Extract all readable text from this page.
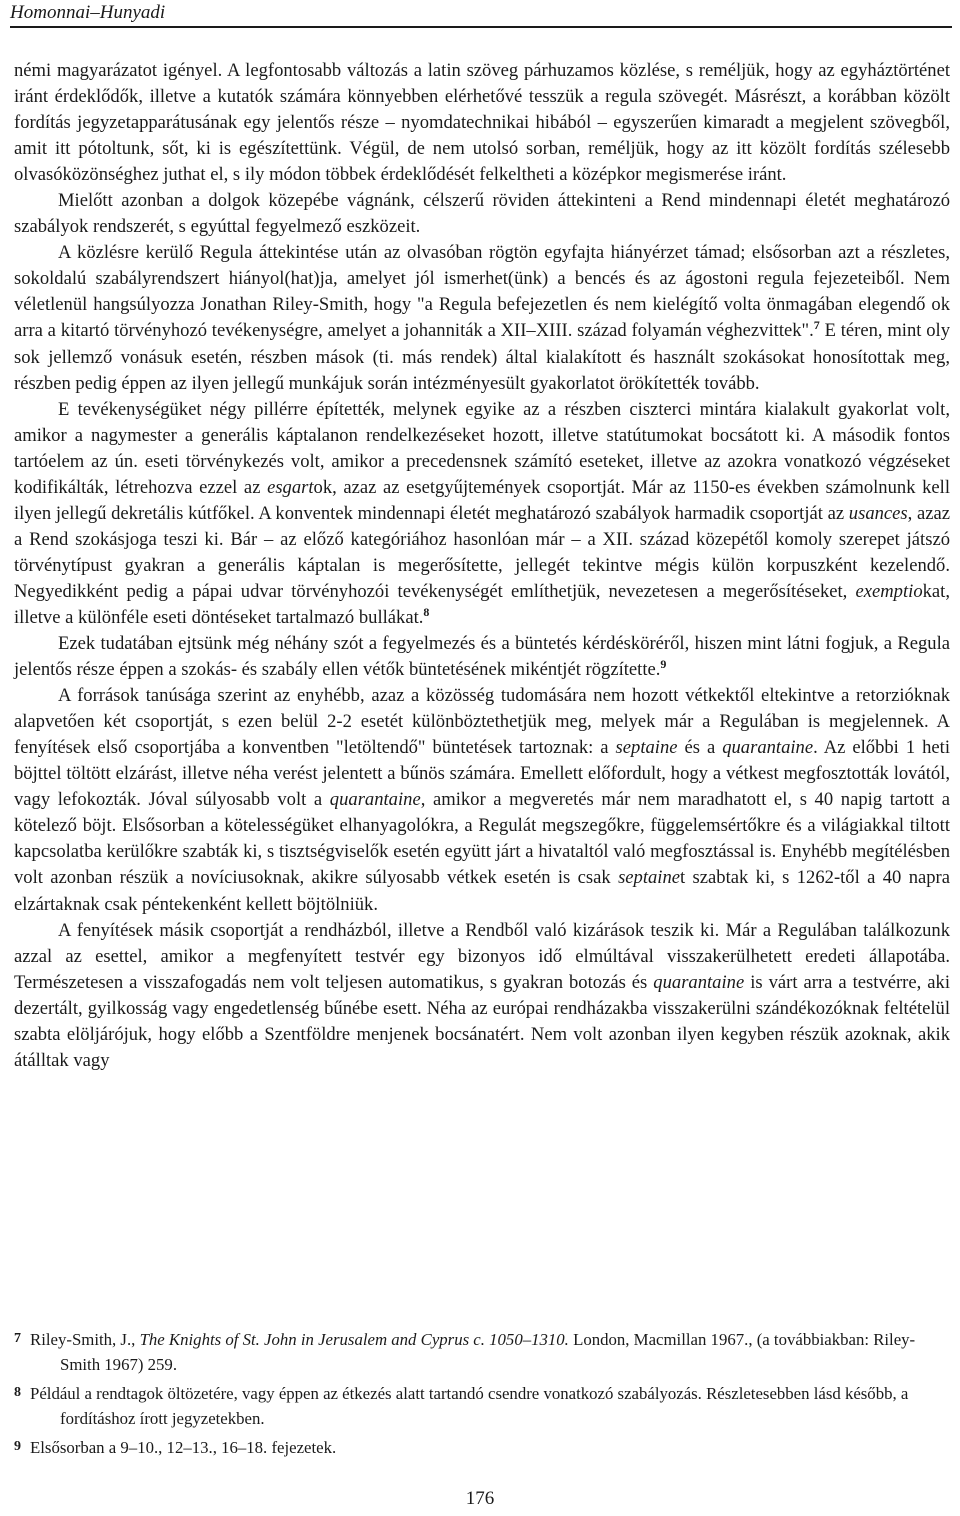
Homonnai–Hunyadi

némi magyarázatot igényel. A legfontosabb változás a latin szöveg párhuzamos közlése, s reméljük, hogy az egyháztörténet iránt érdeklődők, illetve a kutatók számára könnyebben elérhetővé tesszük a regula szövegét. Másrészt, a korábban közölt fordítás jegyzetapparátusának egy jelentős része – nyomdatechnikai hibából – egyszerűen kimaradt a megjelent szövegből, amit itt pótoltunk, sőt, ki is egészítettünk. Végül, de nem utolsó sorban, reméljük, hogy az itt közölt fordítás szélesebb olvasóközönséghez juthat el, s ily módon többek érdeklődését felkeltheti a középkor megismerése iránt.

Mielőtt azonban a dolgok közepébe vágnánk, célszerű röviden áttekinteni a Rend mindennapi életét meghatározó szabályok rendszerét, s egyúttal fegyelmező eszközeit.

A közlésre kerülő Regula áttekintése után az olvasóban rögtön egyfajta hiányérzet támad; elsősorban azt a részletes, sokoldalú szabályrendszert hiányol(hat)ja, amelyet jól ismerhet(ünk) a bencés és az ágostoni regula fejezeteiből. Nem véletlenül hangsúlyozza Jonathan Riley-Smith, hogy "a Regula befejezetlen és nem kielégítő volta önmagában elegendő ok arra a kitartó törvényhozó tevékenységre, amelyet a johanniták a XII–XIII. század folyamán véghezvittek".$^7$ E téren, mint oly sok jellemző vonásuk esetén, részben mások (ti. más rendek) által kialakított és használt szokásokat honosítottak meg, részben pedig éppen az ilyen jellegű munkájuk során intézményesült gyakorlatot örökítették tovább.

E tevékenységüket négy pillérre építették, melynek egyike az a részben ciszterci mintára kialakult gyakorlat volt, amikor a nagymester a generális káptalanon rendelkezéseket hozott, illetve statútumokat bocsátott ki. A második fontos tartóelem az ún. eseti törvénykezés volt, amikor a precedensnek számító eseteket, illetve az azokra vonatkozó végzéseket kodifikálták, létrehozva ezzel az esgartok, azaz az esetgyűjtemények csoportját. Már az 1150-es években számolnunk kell ilyen jellegű dekretális kútfőkel. A konventek mindennapi életét meghatározó szabályok harmadik csoportját az usances, azaz a Rend szokásjoga teszi ki. Bár – az előző kategóriához hasonlóan már – a XII. század közepétől komoly szerepet játszó törvénytípust gyakran a generális káptalan is megerősítette, jellegét tekintve mégis külön korpuszként kezelendő. Negyedikként pedig a pápai udvar törvényhozói tevékenységét említhetjük, nevezetesen a megerősítéseket, exemptiokat, illetve a különféle eseti döntéseket tartalmazó bullákat.$^8$

Ezek tudatában ejtsünk még néhány szót a fegyelmezés és a büntetés kérdésköréről, hiszen mint látni fogjuk, a Regula jelentős része éppen a szokás- és szabály ellen vétők büntetésének mikéntjét rögzítette.$^9$

A források tanúsága szerint az enyhébb, azaz a közösség tudomására nem hozott vétkektől eltekintve a retorzióknak alapvetően két csoportját, s ezen belül 2-2 esetét különböztethetjük meg, melyek már a Regulában is megjelennek. A fenyítések első csoportjába a konventben "letöltendő" büntetések tartoznak: a septaine és a quarantaine. Az előbbi 1 heti böjttel töltött elzárást, illetve néha verést jelentett a bűnös számára. Emellett előfordult, hogy a vétkest megfosztották lovától, vagy lefokozták. Jóval súlyosabb volt a quarantaine, amikor a megveretés már nem maradhatott el, s 40 napig tartott a kötelező böjt. Elsősorban a kötelességüket elhanyagolókra, a Regulát megszegőkre, függelemsértőkre és a világiakkal tiltott kapcsolatba kerülőkre szabták ki, s tisztségviselők esetén együtt járt a hivataltól való megfosztással is. Enyhébb megítélésben volt azonban részük a novíciusoknak, akikre súlyosabb vétkek esetén is csak septainet szabtak ki, s 1262-től a 40 napra elzártaknak csak péntekenként kellett böjtölniük.

A fenyítések másik csoportját a rendházból, illetve a Rendből való kizárások teszik ki. Már a Regulában találkozunk azzal az esettel, amikor a megfenyített testvér egy bizonyos idő elmúltával visszakerülhetett eredeti állapotába. Természetesen a visszafogadás nem volt teljesen automatikus, s gyakran botozás és quarantaine is várt arra a testvérre, aki dezertált, gyilkosság vagy engedetlenség bűnébe esett. Néha az európai rendházakba visszakerülni szándékozóknak feltételül szabta elöljárójuk, hogy előbb a Szentföldre menjenek bocsánatért. Nem volt azonban ilyen kegyben részük azoknak, akik átálltak vagy

7 Riley-Smith, J., The Knights of St. John in Jerusalem and Cyprus c. 1050–1310. London, Macmillan 1967., (a továbbiakban: Riley-Smith 1967) 259.
8 Például a rendtagok öltözetére, vagy éppen az étkezés alatt tartandó csendre vonatkozó szabályozás. Részletesebben lásd később, a fordításhoz írott jegyzetekben.
9 Elsősorban a 9–10., 12–13., 16–18. fejezetek.
176
